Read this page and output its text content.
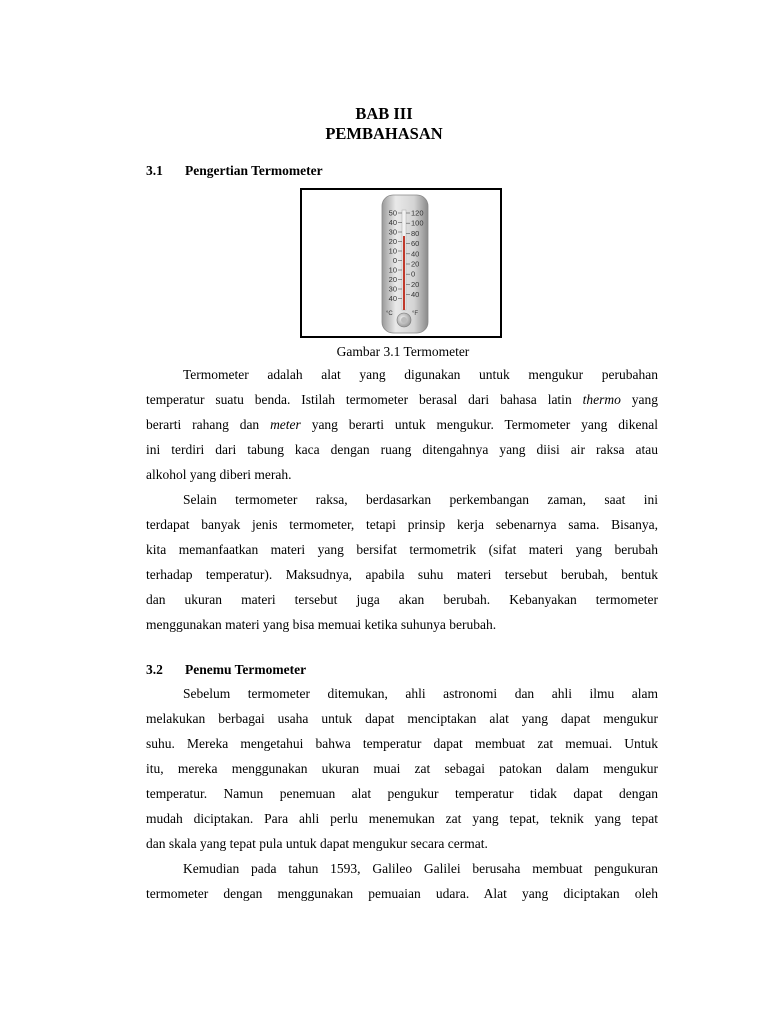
BAB III
PEMBAHASAN
3.1 Pengertian Termometer
50
40
30
20
10
0
10
20
30
40
120
100
80
60
40
20
0
20
40
°C	°F
Gambar 3.1 Termometer
Termometer adalah alat yang digunakan untuk mengukur perubahan
temperatur suatu benda. Istilah termometer berasal dari bahasa latin thermo yang
berarti rahang dan meter yang berarti untuk mengukur. Termometer yang dikenal
ini terdiri dari tabung kaca dengan ruang ditengahnya yang diisi air raksa atau
alkohol yang diberi merah.
Selain termometer raksa, berdasarkan perkembangan zaman, saat ini
terdapat banyak jenis termometer, tetapi prinsip kerja sebenarnya sama. Bisanya,
kita memanfaatkan materi yang bersifat termometrik (sifat materi yang berubah
terhadap temperatur). Maksudnya, apabila suhu materi tersebut berubah, bentuk
dan ukuran materi tersebut juga akan berubah. Kebanyakan termometer
menggunakan materi yang bisa memuai ketika suhunya berubah.
3.2 Penemu Termometer
Sebelum termometer ditemukan, ahli astronomi dan ahli ilmu alam
melakukan berbagai usaha untuk dapat menciptakan alat yang dapat mengukur
suhu. Mereka mengetahui bahwa temperatur dapat membuat zat memuai. Untuk
itu, mereka menggunakan ukuran muai zat sebagai patokan dalam mengukur
temperatur. Namun penemuan alat pengukur temperatur tidak dapat dengan
mudah diciptakan. Para ahli perlu menemukan zat yang tepat, teknik yang tepat
dan skala yang tepat pula untuk dapat mengukur secara cermat.
Kemudian pada tahun 1593, Galileo Galilei berusaha membuat pengukuran
termometer dengan menggunakan pemuaian udara. Alat yang diciptakan oleh
